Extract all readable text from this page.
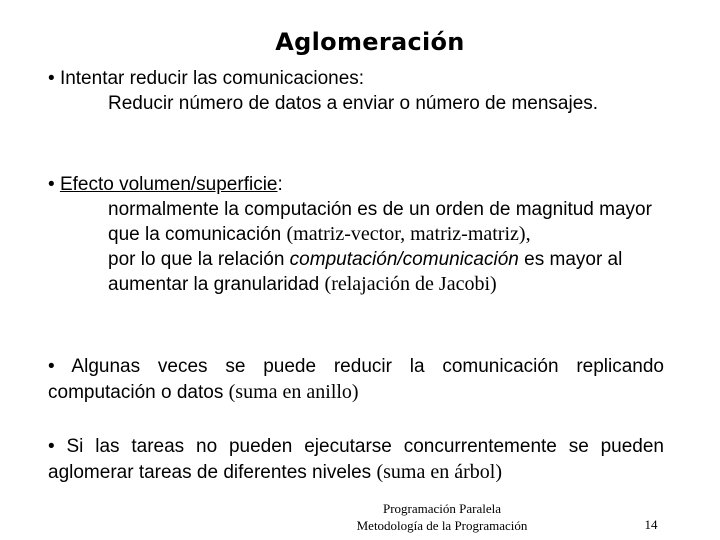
Aglomeración
• Intentar reducir las comunicaciones:
Reducir número de datos a enviar o número de mensajes.
• Efecto volumen/superficie:
normalmente la computación es de un orden de magnitud mayor que la comunicación (matriz-vector, matriz-matriz),
por lo que la relación computación/comunicación es mayor al aumentar la granularidad (relajación de Jacobi)
• Algunas veces se puede reducir la comunicación replicando computación o datos (suma en anillo)
• Si las tareas no pueden ejecutarse concurrentemente se pueden aglomerar tareas de diferentes niveles (suma en árbol)
Programación Paralela
Metodología de la Programación	14
